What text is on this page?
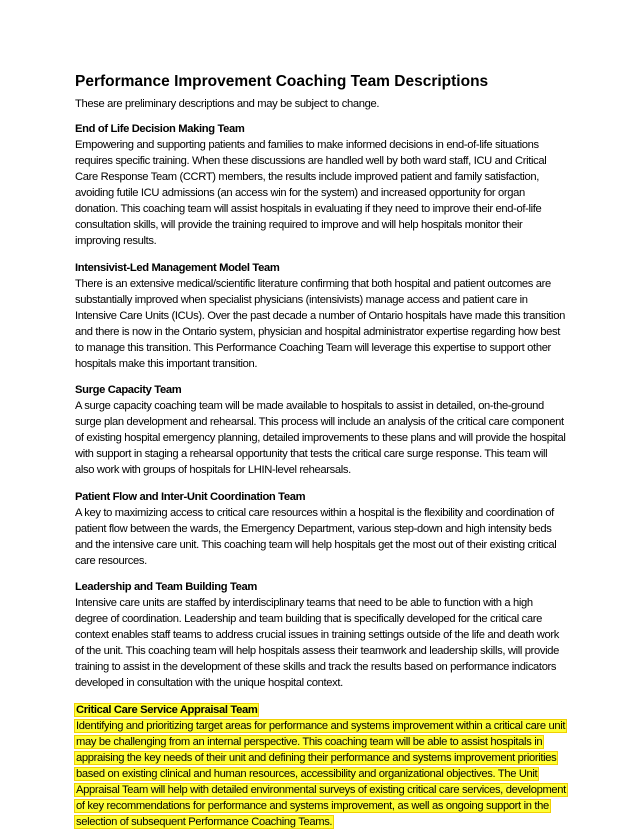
Performance Improvement Coaching Team Descriptions
These are preliminary descriptions and may be subject to change.
End of Life Decision Making Team
Empowering and supporting patients and families to make informed decisions in end-of-life situations
requires specific training. When these discussions are handled well by both ward staff, ICU and Critical
Care Response Team (CCRT) members, the results include improved patient and family satisfaction,
avoiding futile ICU admissions (an access win for the system) and increased opportunity for organ
donation. This coaching team will assist hospitals in evaluating if they need to improve their end-of-life
consultation skills, will provide the training required to improve and will help hospitals monitor their
improving results.
Intensivist-Led Management Model Team
There is an extensive medical/scientific literature confirming that both hospital and patient outcomes are
substantially improved when specialist physicians (intensivists) manage access and patient care in
Intensive Care Units (ICUs). Over the past decade a number of Ontario hospitals have made this transition
and there is now in the Ontario system, physician and hospital administrator expertise regarding how best
to manage this transition. This Performance Coaching Team will leverage this expertise to support other
hospitals make this important transition.
Surge Capacity Team
A surge capacity coaching team will be made available to hospitals to assist in detailed, on-the-ground
surge plan development and rehearsal. This process will include an analysis of the critical care component
of existing hospital emergency planning, detailed improvements to these plans and will provide the hospital
with support in staging a rehearsal opportunity that tests the critical care surge response. This team will
also work with groups of hospitals for LHIN-level rehearsals.
Patient Flow and Inter-Unit Coordination Team
A key to maximizing access to critical care resources within a hospital is the flexibility and coordination of
patient flow between the wards, the Emergency Department, various step-down and high intensity beds
and the intensive care unit. This coaching team will help hospitals get the most out of their existing critical
care resources.
Leadership and Team Building Team
Intensive care units are staffed by interdisciplinary teams that need to be able to function with a high
degree of coordination. Leadership and team building that is specifically developed for the critical care
context enables staff teams to address crucial issues in training settings outside of the life and death work
of the unit. This coaching team will help hospitals assess their teamwork and leadership skills, will provide
training to assist in the development of these skills and track the results based on performance indicators
developed in consultation with the unique hospital context.
Critical Care Service Appraisal Team
Identifying and prioritizing target areas for performance and systems improvement within a critical care unit
may be challenging from an internal perspective. This coaching team will be able to assist hospitals in
appraising the key needs of their unit and defining their performance and systems improvement priorities
based on existing clinical and human resources, accessibility and organizational objectives. The Unit
Appraisal Team will help with detailed environmental surveys of existing critical care services, development
of key recommendations for performance and systems improvement, as well as ongoing support in the
selection of subsequent Performance Coaching Teams.
